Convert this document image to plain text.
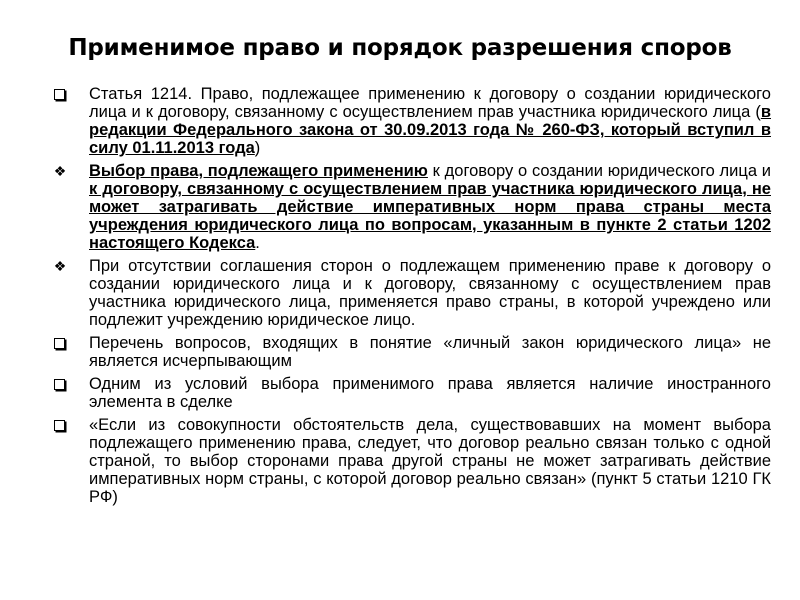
Применимое право и порядок разрешения споров
Статья 1214. Право, подлежащее применению к договору о создании юридического лица и к договору, связанному с осуществлением прав участника юридического лица (в редакции Федерального закона от 30.09.2013 года № 260-ФЗ, который вступил в силу 01.11.2013 года)
❖ Выбор права, подлежащего применению к договору о создании юридического лица и к договору, связанному с осуществлением прав участника юридического лица, не может затрагивать действие императивных норм права страны места учреждения юридического лица по вопросам, указанным в пункте 2 статьи 1202 настоящего Кодекса.
❖ При отсутствии соглашения сторон о подлежащем применению праве к договору о создании юридического лица и к договору, связанному с осуществлением прав участника юридического лица, применяется право страны, в которой учреждено или подлежит учреждению юридическое лицо.
Перечень вопросов, входящих в понятие «личный закон юридического лица» не является исчерпывающим
Одним из условий выбора применимого права является наличие иностранного элемента в сделке
«Если из совокупности обстоятельств дела, существовавших на момент выбора подлежащего применению права, следует, что договор реально связан только с одной страной, то выбор сторонами права другой страны не может затрагивать действие императивных норм страны, с которой договор реально связан» (пункт 5 статьи 1210 ГК РФ)
